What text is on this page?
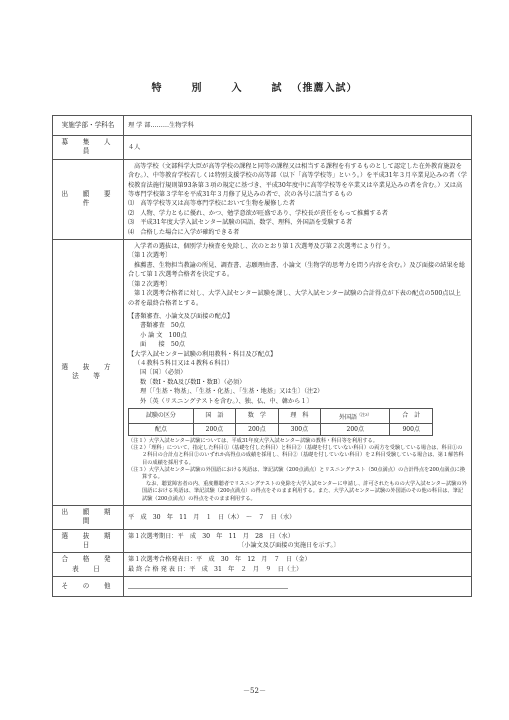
特　別　入　試（推薦入試）
実施学部・学科名	理 学 部………生物学科
募　集　人　員	４人
出　願　要　件	

高等学校（文部科学大臣が高等学校の課程と同等の課程又は相当する課程を有するものとして認定した在外教育施設を含む。）、中等教育学校若しくは特別支援学校の高等部（以下「高等学校等」という。）を平成31年３月卒業見込みの者（学校教育法施行規則第93条第３項の規定に基づき、平成30年度中に高等学校等を卒業又は卒業見込みの者を含む。）又は高等専門学校第３学年を平成31年３月修了見込みの者で、次の各号に該当するもの

⑴　高等学校等又は高等専門学校において生物を履修した者

⑵　人物、学力ともに優れ、かつ、勉学意欲が旺盛であり、学校長が責任をもって推薦する者

⑶　平成31年度大学入試センター試験の国語、数学、理科、外国語を受験する者

⑷　合格した場合に入学が確約できる者

選　抜　方　法　等	

入学者の選抜は、個別学力検査を免除し、次のとおり第１次選考及び第２次選考により行う。

〔第１次選考〕

推薦書、生物担当教諭の所見、調査書、志願理由書、小論文（生物学的思考力を問う内容を含む。）及び面接の結果を総合して第１次選考合格者を決定する。

〔第２次選考〕

第１次選考合格者に対し、大学入試センター試験を課し、大学入試センター試験の合計得点が下表の配点の500点以上の者を最終合格者とする。

【書類審査、小論文及び面接の配点】

書類審査　50点

小 論 文　100点

面　　接　50点

【大学入試センター試験の利用教科・科目及び配点】

（４教科５科目又は４教科６科目）

国〔国〕（必須）

数〔数Ⅰ・数A及び数Ⅱ・数B〕（必須）

理〔「生基・物基」、「生基・化基」、「生基・地基」又は生〕（注2）

外〔英（リスニングテストを含む。）、独、仏、中、韓から１〕

試験の区分	国　語	数　学	理　科	外国語$^{(注3)}$	合　計
配点	200点	200点	300点	200点	900点

（注１）大学入試センター試験については、平成31年度大学入試センター試験の教科・科目等を利用する。

（注２）「理科」について、指定した科目①（基礎を付した科目）と科目②（基礎を付していない科目）の両方を受験している場合は、科目①の２科目の合計点と科目②のいずれか高得点の成績を採用し、科目②（基礎を付していない科目）を２科目受験している場合は、第１解答科目の成績を採用する。

（注３）大学入試センター試験の外国語における英語は、筆記試験（200点満点）とリスニングテスト（50点満点）の合計得点を200点満点に換算する。

なお、聴覚障害者の内、重度難聴者でリスニングテストの免除を大学入試センターに申請し、許可されたものの大学入試センター試験の外国語における英語は、筆記試験（200点満点）の得点をそのまま利用する。また、大学入試センター試験の外国語のその他の科目は、筆記試験（200点満点）の得点をそのまま利用する。

出　願　期　間	平　成　30　年　11　月　１　日（木）　～　７　日（水）
選　抜　期　日	

第１次選考期日：平　成　30　年　11　月　28　日（水）

〔小論文及び面接の実施日を示す。〕

合　格　発　表　日	

第１次選考合格発表日：平　成　30　年　12　月　７　日（金）

最 終 合 格 発 表 日：平　成　31　年　２　月　９　日（土）

そ　の　他	
－52－
